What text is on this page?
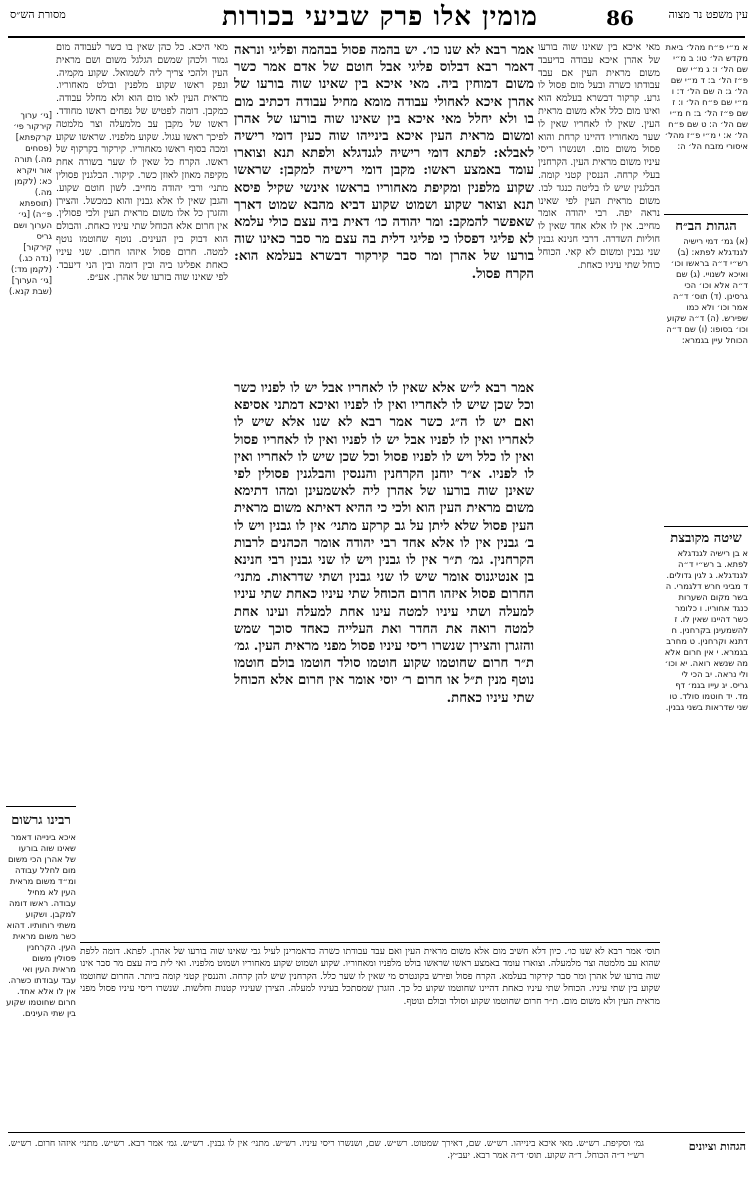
מסורת הש״ס	מומין אלו פרק שביעי בכורות	86	עין משפט נר מצוה
א מ״י פ״ח מהל׳ ביאת מקדש הל׳ טו: ב מ״י שם הל׳ ו: ג מ״י שם פ״ז הל׳ ב: ד מ״י שם הל׳ ג: ה שם הל׳ ד: ו מ״י שם פ״ח הל׳ ו: ז שם פ״ז הל׳ ב: ח מ״י שם הל׳ ה: ט שם פ״ח הל׳ א: י מ״י פ״ז מהל׳ איסורי מזבח הל׳ ה:
הגהות הב״ח
(א) גמ׳ דמי רישיה לגנדגלא לפתא: (ב) רש״י ד״ה בראשו וכו׳ ואיכא לשנויי. (ג) שם ד״ה אלא וכו׳ הכי גרסינן. (ד) תוס׳ ד״ה אמר וכו׳ ולא כמו שפירש. (ה) ד״ה שקוע וכו׳ בסופו: (ו) שם ד״ה הכוחל עיין בגמרא:
שיטה מקובצת
א בן רישיה לגנדגלא לפתא. ב רש״י ד״ה לגנדגלא. ג לגין גדולים. ד מביני חרש דלגמרי. ה בשר מקום השערות כנגד אחוריו. ו כלומר כשר דהיינו שאין לו. ז להשמעינן בקרחנין. ח דתנא וקרחנין. ט מחרב בגמרא. י אין חרום אלא מה שנשא רואה. יא וכו׳ ולי נראה. יב הכי לי גריס. יג עייו בגמ׳ דף מד. יד חוטמו סולד. טו שני שדראות בשני גבנין.
[גי׳ ערוך קירקור פי׳ קרקפתא] (פסחים מה.) תורה אור ויקרא כא: (לקמן מה.) (תוספתא פ״ה) [גי׳ הערוך ושם גריס קירקור] (נדה כג.) (לקמן מד:) [גי׳ הערוך] (שבת קנא.)
רבינו גרשום
איכא בינייהו דאמר שאינו שוה בורעו של אהרן הכי משום מום לחלל עבודה ומ״ד משום מראית העין לא מחיל עבודה. ראשו דומה למקבן. ושקוע משתי רוחותיו. דהוא כשר משום מראית העין. הקרחנין פסולין משום מראית העין ואי עבד עבודתו כשרה. אין לו אלא אחד. חרום שחוטמו שקוע בין שתי העינים.
מאי איכא בין שאינו שוה בורעו של אהרן איכא עבודה בדיעבד משום מראית העין אם עבד עבודתו כשרה ובעל מום פסול לו גרע. קרקור דבשרא בעלמא הוא ואינו מום כלל אלא משום מראית העין. שאין לו לאחריו שאין לו שער מאחוריו דהיינו קרחת והוא פסול משום מום. ושנשרו ריסי עיניו משום מראית העין. הקרחנין בעלי קרחה. הננסין קטני קומה. הבלגנין שיש לו בליטה כנגד לבו. משום מראית העין לפי שאינו נראה יפה. רבי יהודה אומר מחייב. אין לו אלא אחד שאין לו חוליות השדרה. דרבי חנינא גבנין שני גבנין ומשום לא קאי. הכוחל כוחל שתי עיניו כאחת.
מאי היכא. כל כהן שאין בו כשר לעבודה מום גמור ולכהן שמשם הגלגל משום ושם מראית העין ולהכי צריך ליה לשמואל. שקוע מקמיה. ונפק ראשו שקוע מלפנין ובולט מאחוריו. מראית העין לאו מום הוא ולא מחלל עבודה. כמקבן. דומה לפטיש של נפחים ראשו מחודד. ראשו של מקבן עב מלמעלה וצר מלמטה לפיכך ראשו עגול. שקוע מלפניו. שראשו שקוע ומכה בסוף ראשו מאחוריו. קירקור בקרקוף של ראשו. הקרח כל שאין לו שער בשורה אחת מקיפה מאוזן לאוזן כשר. קיקור. הבלגנין פסולין מתני׳ ורבי יהודה מחייב. לשון חוטם שקוע. והגבן שאין לו אלא גבנין והוא כמכשל. והצירן והזגרן כל אלו משום מראית העין ולכי פסולין. אין חרום אלא הכוחל שתי עיניו כאחת. והבולם הוא דבוק בין העינים. נוטף שחוטמו נוטף למטה. חרום פסול איזהו חרום. שני עיניו כאחת אפליגו ביה ובין דומה ובין הני דיעבד. לפי שאינו שוה בזרעו של אהרן. אע״פ.
אמר רבא לא שנו כו׳. יש בהמה פסול בבהמה ופליגי ונראה דאמר רבא דבלוס פליגי אבל חוטם של אדם אמר כשר משום דמוחין ביה. מאי איכא בין שאינו שוה בורעו של אהרן איכא לאחולי עבודה מומא מחיל עבודה דכתיב מום בו ולא יחלל מאי איכא בין שאינו שוה בורעו של אהרן ומשום מראית העין איכא בינייהו שוה כעין דומי רישיה לאבלא: לפתא דומי רישיה לגנדגלא ולפתא תנא וצוארו עומד באמצע ראשו: מקבן דומי רישיה למקבן: שראשו שקוע מלפנין ומקיפת מאחוריו בראשו אינשי שקיל פיסא תנא וצואר שקוע ושמוט שקוע דביא מהבא שמוט דארך שאפשר להמקב: ומר יהודה כו׳ דאית ביה עצם כולי עלמא לא פליגי דפסלו כי פליגי דלית בה עצם מר סבר כאינו שוה בורעו של אהרן ומר סבר קירקור דבשרא בעלמא הוא: הקרח פסול.
אמר רבא ל״ש אלא שאין לו לאחריו אבל יש לו לפניו כשר וכל שכן שיש לו לאחריו ואין לו לפניו ואיכא דמתני אסיפא ואם יש לו ה״ג כשר אמר רבא לא שנו אלא שיש לו לאחריו ואין לו לפניו אבל יש לו לפניו ואין לו לאחריו פסול ואין לו כלל ויש לו לפניו פסול וכל שכן שיש לו לאחריו ואין לו לפניו. א״ר יוחנן הקרחנין והננסין והבלגנין פסולין לפי שאינן שוה בורעו של אהרן ליה לאשמעינן ומהו דתימא משום מראית העין הוא ולכי כי ההיא דאיתא משום מראית העין פסול שלא ליתן על גב קרקע מתני׳ אין לו גבנין ויש לו ב׳ גבנין אין לו אלא אחד רבי יהודה אומר הכהנים לרבות הקרחנין. גמ׳ ת״ר אין לו גבנין ויש לו שני גבנין רבי חנינא בן אנטיגנוס אומר שיש לו שני גבנין ושתי שדראות. מתני׳ החרום פסול איזהו חרום הכוחל שתי עיניו כאחת שתי עיניו למעלה ושתי עיניו למטה עינו אחת למעלה ועינו אחת למטה רואה את החדר ואת העלייה כאחד סוכך שמש והזגרן והצירן שנשרו ריסי עיניו פסול מפני מראית העין. גמ׳ ת״ר חרום שחוטמו שקוע חוטמו סולד חוטמו בולם חוטמו נוטף מנין ת״ל או חרום ר׳ יוסי אומר אין חרום אלא הכוחל שתי עיניו כאחת.
תוס׳ אמר רבא לא שנו כו׳. כיון דלא חשיב מום אלא משום מראית העין ואם עבד עבודתו כשרה כדאמרינן לעיל גבי שאינו שוה בורעו של אהרן. לפתא. דומה ללפת שהוא עב מלמטה וצר מלמעלה. וצוארו עומד באמצע ראשו שראשו בולט מלפניו ומאחוריו. שקוע ושמוט שקוע מאחוריו ושמוט מלפניו. ואי לית ביה עצם מר סבר אינו שוה בורעו של אהרן ומר סבר קירקור בעלמא. הקרח פסול ופירש בקונטרס מי שאין לו שער כלל. הקרחנין שיש להן קרחה. והננסין קטני קומה ביותר. החרום שחוטמו שקוע בין שתי עיניו. הכוחל שתי עיניו כאחת דהיינו שחוטמו שקוע כל כך. הזגרן שמסתכל בעיניו למעלה. הצירן שעיניו קטנות וחלשות. שנשרו ריסי עיניו פסול מפני מראית העין ולא משום מום. ת״ר חרום שחוטמו שקוע וסולד ובולם ונוטף.
הגהות וציונים
גמ׳ וסקיפת. רש״ש. מאי איכא בינייהו. רש״ש. שם, דאירך שמטוט. רש״ש. שם, ושנשרו ריסי עיניו. רש״ש. מתני׳ אין לו גבנין. רש״ש. גמ׳ אמר רבא. רש״ש. מתני׳ איזהו חרום. רש״ש. רש״י ד״ה הכוחל. ד״ה שקוע. תוס׳ ד״ה אמר רבא. יעב״ץ.
